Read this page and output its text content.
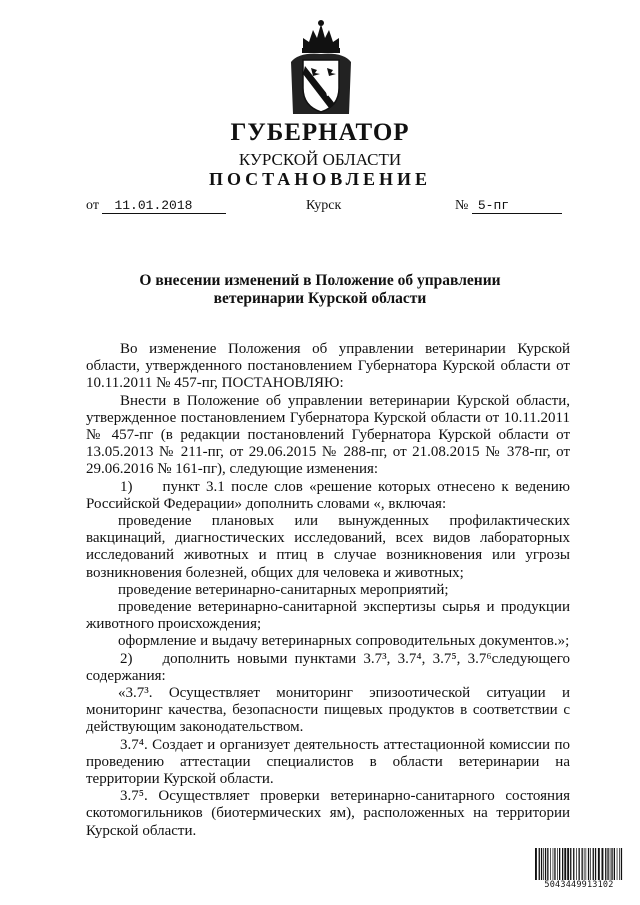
ГУБЕРНАТОР
КУРСКОЙ ОБЛАСТИ
ПОСТАНОВЛЕНИЕ
от 11.01.2018	Курск	№ 5-пг
О внесении изменений в Положение об управлении
ветеринарии Курской области

Во изменение Положения об управлении ветеринарии Курской области, утвержденного постановлением Губернатора Курской области от 10.11.2011 № 457-пг, ПОСТАНОВЛЯЮ:

Внести в Положение об управлении ветеринарии Курской области, утвержденное постановлением Губернатора Курской области от 10.11.2011 № 457-пг (в редакции постановлений Губернатора Курской области от 13.05.2013 № 211-пг, от 29.06.2015 № 288-пг, от 21.08.2015 № 378-пг, от 29.06.2016 № 161-пг), следующие изменения:

1)  пункт 3.1 после слов «решение которых отнесено к ведению Российской Федерации» дополнить словами «, включая:

проведение плановых или вынужденных профилактических вакцинаций, диагностических исследований, всех видов лабораторных исследований животных и птиц в случае возникновения или угрозы возникновения болезней, общих для человека и животных;

проведение ветеринарно-санитарных мероприятий;

проведение ветеринарно-санитарной экспертизы сырья и продукции животного происхождения;

оформление и выдачу ветеринарных сопроводительных документов.»;

2)  дополнить новыми пунктами 3.7³, 3.7⁴, 3.7⁵, 3.7⁶следующего содержания:

«3.7³. Осуществляет мониторинг эпизоотической ситуации и мониторинг качества, безопасности пищевых продуктов в соответствии с действующим законодательством.

3.7⁴. Создает и организует деятельность аттестационной комиссии по проведению аттестации специалистов в области ветеринарии на территории Курской области.

3.7⁵. Осуществляет проверки ветеринарно-санитарного состояния скотомогильников (биотермических ям), расположенных на территории Курской области.

5043449913102
